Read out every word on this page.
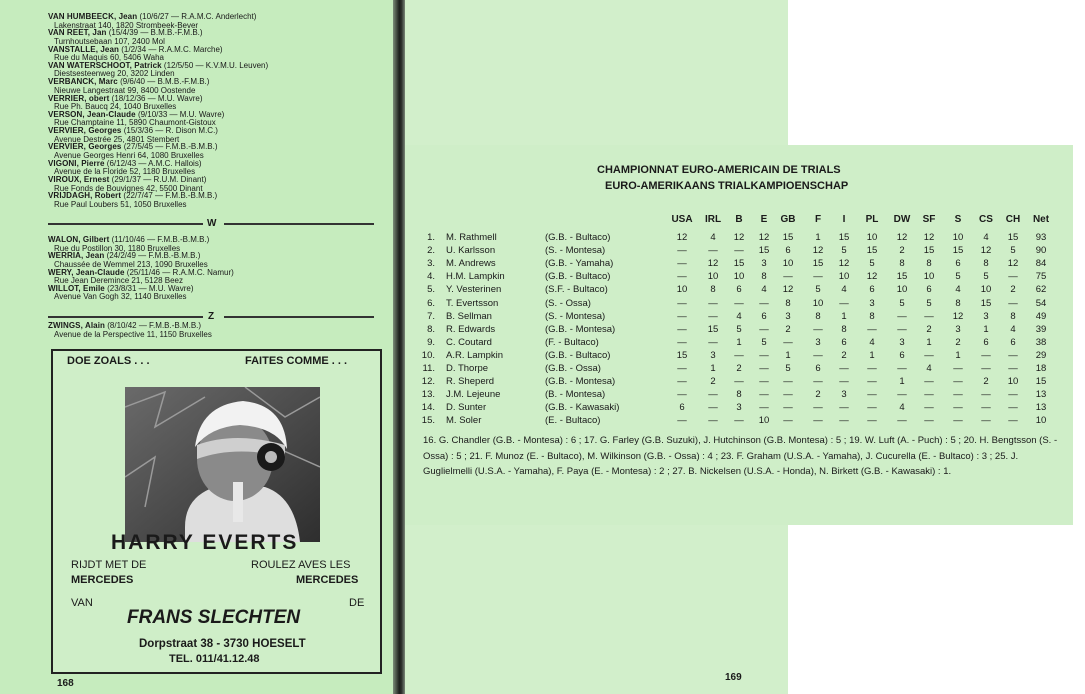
VAN HUMBEECK, Jean (10/6/27 — R.A.M.C. Anderlecht)
Lakenstraat 140, 1820 Strombeek-Bever
VAN REET, Jan (15/4/39 — B.M.B.-F.M.B.)
Turnhoutsebaan 107, 2400 Mol
VANSTALLE, Jean (1/2/34 — R.A.M.C. Marche)
Rue du Maquis 60, 5406 Waha
VAN WATERSCHOOT, Patrick (12/5/50 — K.V.M.U. Leuven)
Diestsesteenweg 20, 3202 Linden
VERBANCK, Marc (9/6/40 — B.M.B.-F.M.B.)
Nieuwe Langestraat 99, 8400 Oostende
VERRIER, obert (18/12/36 — M.U. Wavre)
Rue Ph. Baucq 24, 1040 Bruxelles
VERSON, Jean-Claude (9/10/33 — M.U. Wavre)
Rue Champtaine 11, 5890 Chaumont-Gistoux
VERVIER, Georges (15/3/36 — R. Dison M.C.)
Avenue Destrée 25, 4801 Stembert
VERVIER, Georges (27/5/45 — F.M.B.-B.M.B.)
Avenue Georges Henri 64, 1080 Bruxelles
VIGONI, Pierre (6/12/43 — A.M.C. Hallois)
Avenue de la Floride 52, 1180 Bruxelles
VIROUX, Ernest (29/1/37 — R.U.M. Dinant)
Rue Fonds de Bouvignes 42, 5500 Dinant
VRIJDAGH, Robert (22/7/47 — F.M.B.-B.M.B.)
Rue Paul Loubers 51, 1050 Bruxelles
W
WALON, Gilbert (11/10/46 — F.M.B.-B.M.B.)
Rue du Postillon 30, 1180 Bruxelles
WERRIA, Jean (24/2/49 — F.M.B.-B.M.B.)
Chaussée de Wemmel 213, 1090 Bruxelles
WERY, Jean-Claude (25/11/46 — R.A.M.C. Namur)
Rue Jean Deremince 21, 5128 Beez
WILLOT, Emile (23/8/31 — M.U. Wavre)
Avenue Van Gogh 32, 1140 Bruxelles
Z
ZWINGS, Alain (8/10/42 — F.M.B.-B.M.B.)
Avenue de la Perspective 11, 1150 Bruxelles
DOE ZOALS . . .	FAITES COMME . . .
HARRY EVERTS
RIJDT MET DE
MERCEDES
VAN
ROULEZ AVES LES
MERCEDES
DE
FRANS SLECHTEN
Dorpstraat 38 - 3730 HOESELT
TEL. 011/41.12.48
168
CHAMPIONNAT EURO-AMERICAIN DE TRIALS
EURO-AMERIKAANS TRIALKAMPIOENSCHAP
USA	IRL	B	E	GB	F	I	PL	DW	SF	S	CS	CH	Net
1. M. Rathmell	(G.B. - Bultaco)	12	4	12	12	15	1	15	10	12	12	10	4	15	93
2. U. Karlsson	(S. - Montesa)	—	—	—	15	6	12	5	15	2	15	15	12	5	90
3. M. Andrews	(G.B. - Yamaha)	—	12	15	3	10	15	12	5	8	8	6	8	12	84
4. H.M. Lampkin	(G.B. - Bultaco)	—	10	10	8	—	—	10	12	15	10	5	5	—	75
5. Y. Vesterinen	(S.F. - Bultaco)	10	8	6	4	12	5	4	6	10	6	4	10	2	62
6. T. Evertsson	(S. - Ossa)	—	—	—	—	8	10	—	3	5	5	8	15	—	54
7. B. Sellman	(S. - Montesa)	—	—	4	6	3	8	1	8	—	—	12	3	8	49
8. R. Edwards	(G.B. - Montesa)	—	15	5	—	2	—	8	—	—	2	3	1	4	39
9. C. Coutard	(F. - Bultaco)	—	—	1	5	—	3	6	4	3	1	2	6	6	38
10. A.R. Lampkin	(G.B. - Bultaco)	15	3	—	—	1	—	2	1	6	—	1	—	—	29
11. D. Thorpe	(G.B. - Ossa)	—	1	2	—	5	6	—	—	—	4	—	—	—	18
12. R. Sheperd	(G.B. - Montesa)	—	2	—	—	—	—	—	—	1	—	—	2	10	15
13. J.M. Lejeune	(B. - Montesa)	—	—	8	—	—	2	3	—	—	—	—	—	—	13
14. D. Sunter	(G.B. - Kawasaki)	6	—	3	—	—	—	—	—	4	—	—	—	—	13
15. M. Soler	(E. - Bultaco)	—	—	—	10	—	—	—	—	—	—	—	—	—	10
16. G. Chandler (G.B. - Montesa) : 6 ; 17. G. Farley (G.B. Suzuki), J. Hutchinson (G.B. Montesa) : 5 ; 19. W. Luft (A. - Puch) : 5 ; 20. H. Bengtsson (S. - Ossa) : 5 ; 21. F. Munoz (E. - Bultaco), M. Wilkinson (G.B. - Ossa) : 4 ; 23. F. Graham (U.S.A. - Yamaha), J. Cucurella (E. - Bultaco) : 3 ; 25. J. Guglielmelli (U.S.A. - Yamaha), F. Paya (E. - Montesa) : 2 ; 27. B. Nickelsen (U.S.A. - Honda), N. Birkett (G.B. - Kawasaki) : 1.
169
